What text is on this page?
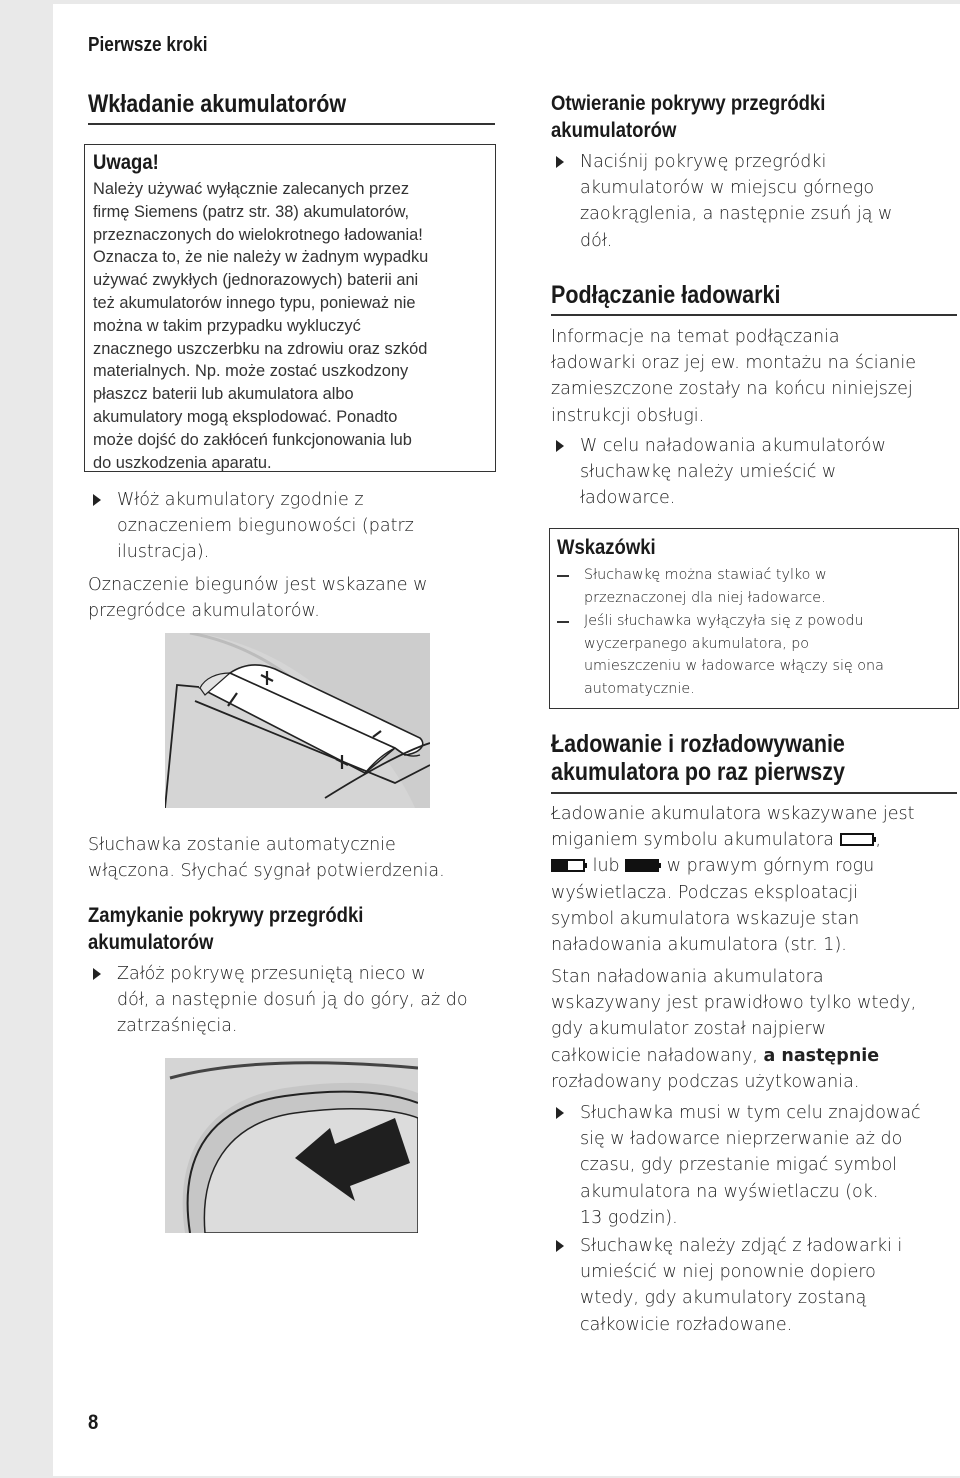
Pierwsze kroki
Wkładanie akumulatorów
Uwaga!
Należy używać wyłącznie zalecanych przez
firmę Siemens (patrz str. 38) akumulatorów,
przeznaczonych do wielokrotnego ładowania!
Oznacza to, że nie należy w żadnym wypadku
używać zwykłych (jednorazowych) baterii ani
też akumulatorów innego typu, ponieważ nie
można w takim przypadku wykluczyć
znacznego uszczerbku na zdrowiu oraz szkód
materialnych. Np. może zostać uszkodzony
płaszcz baterii lub akumulatora albo
akumulatory mogą eksplodować. Ponadto
może dojść do zakłóceń funkcjonowania lub
do uszkodzenia aparatu.
Włóż akumulatory zgodnie z
oznaczeniem biegunowości (patrz
ilustracja).
Oznaczenie biegunów jest wskazane w
przegródce akumulatorów.
Słuchawka zostanie automatycznie
włączona. Słychać sygnał potwierdzenia.
Zamykanie pokrywy przegródki
akumulatorów
Załóż pokrywę przesuniętą nieco w
dół, a następnie dosuń ją do góry, aż do
zatrzaśnięcia.
Otwieranie pokrywy przegródki
akumulatorów
Naciśnij pokrywę przegródki
akumulatorów w miejscu górnego
zaokrąglenia, a następnie zsuń ją w
dół.
Podłączanie ładowarki
Informacje na temat podłączania
ładowarki oraz jej ew. montażu na ścianie
zamieszczone zostały na końcu niniejszej
instrukcji obsługi.
W celu naładowania akumulatorów
słuchawkę należy umieścić w
ładowarce.
Wskazówki
Słuchawkę można stawiać tylko w
przeznaczonej dla niej ładowarce.
Jeśli słuchawka wyłączyła się z powodu
wyczerpanego akumulatora, po
umieszczeniu w ładowarce włączy się ona
automatycznie.
Ładowanie i rozładowywanie
akumulatora po raz pierwszy
Ładowanie akumulatora wskazywane jest
miganiem symbolu akumulatora ,
lub	w prawym górnym rogu
wyświetlacza. Podczas eksploatacji
symbol akumulatora wskazuje stan
naładowania akumulatora (str. 1).
Stan naładowania akumulatora
wskazywany jest prawidłowo tylko wtedy,
gdy akumulator został najpierw
całkowicie naładowany, a następnie
rozładowany podczas użytkowania.
Słuchawka musi w tym celu znajdować
się w ładowarce nieprzerwanie aż do
czasu, gdy przestanie migać symbol
akumulatora na wyświetlaczu (ok.
13 godzin).
Słuchawkę należy zdjąć z ładowarki i
umieścić w niej ponownie dopiero
wtedy, gdy akumulatory zostaną
całkowicie rozładowane.
8
